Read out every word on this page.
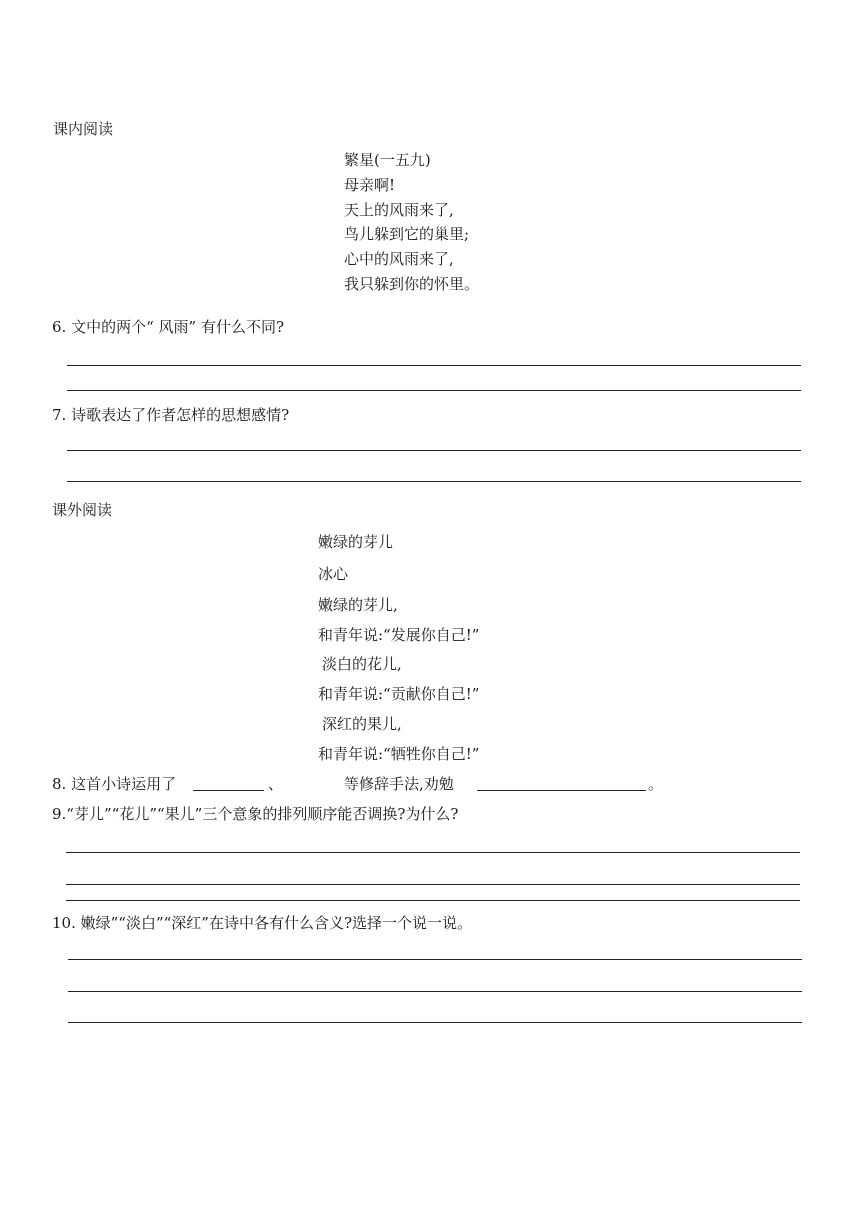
课内阅读
繁星(一五九)
母亲啊!
天上的风雨来了,
鸟儿躲到它的巢里;
心中的风雨来了,
我只躲到你的怀里。
6. 文中的两个“ 风雨” 有什么不同?
7. 诗歌表达了作者怎样的思想感情?
课外阅读
嫩绿的芽儿
冰心
嫩绿的芽儿,
和青年说:“发展你自己!”
淡白的花儿,
和青年说:“贡献你自己!”
深红的果儿,
和青年说:“牺牲你自己!”
8. 这首小诗运用了	、	等修辞手法,劝勉	。
9.“芽儿”“花儿”“果儿”三个意象的排列顺序能否调换?为什么?
10. 嫩绿”“淡白”“深红”在诗中各有什么含义?选择一个说一说。
